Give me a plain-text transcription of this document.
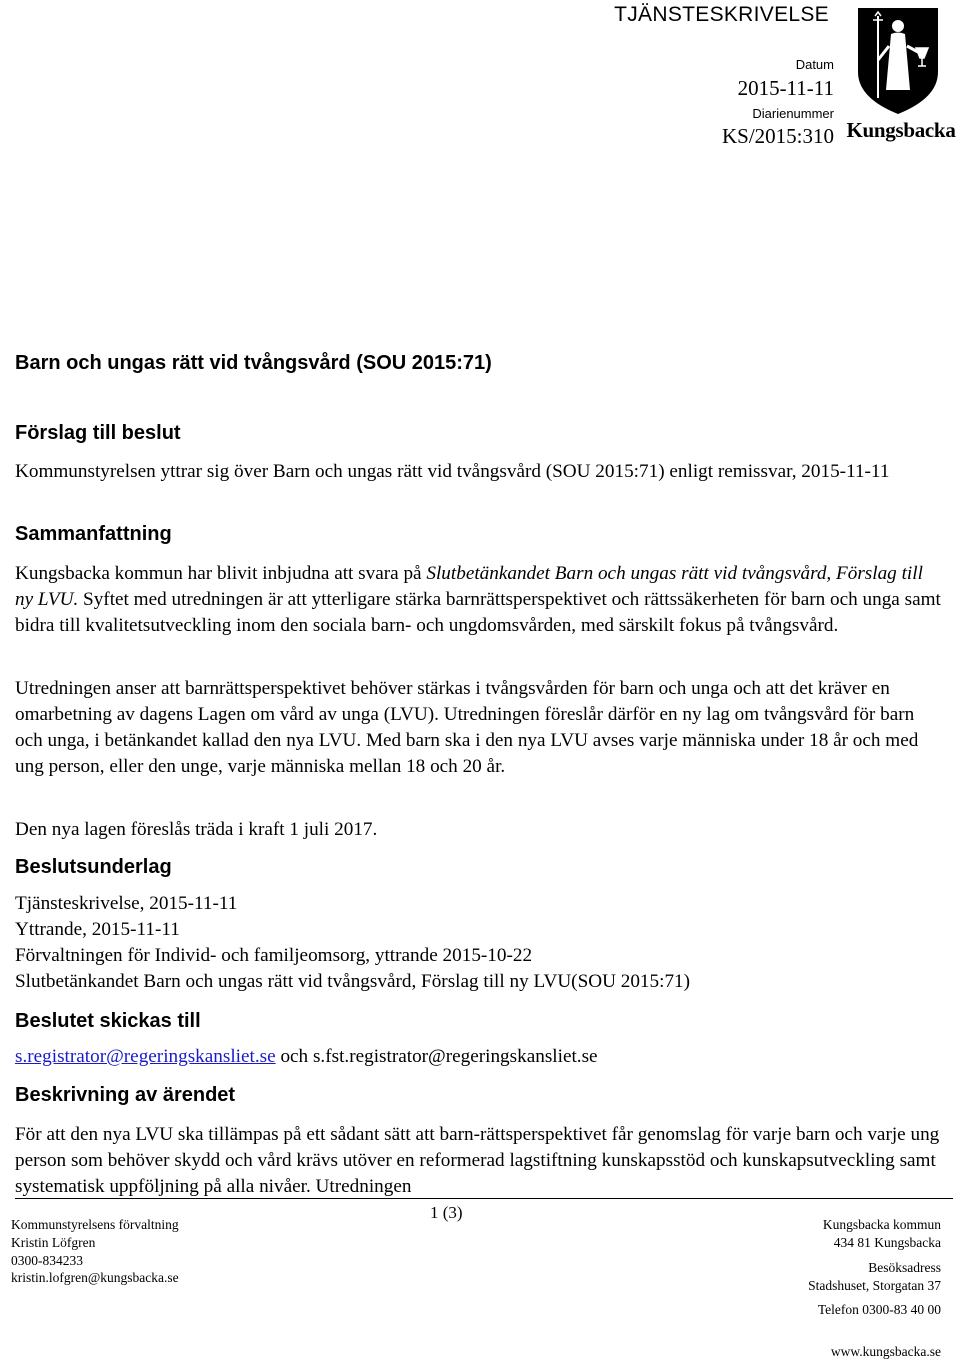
TJÄNSTESKRIVELSE
Datum
2015-11-11
Diarienummer
KS/2015:310 Kungsbacka
Barn och ungas rätt vid tvångsvård (SOU 2015:71)
Förslag till beslut
Kommunstyrelsen yttrar sig över Barn och ungas rätt vid tvångsvård (SOU 2015:71) enligt remissvar, 2015-11-11
Sammanfattning
Kungsbacka kommun har blivit inbjudna att svara på Slutbetänkandet Barn och ungas rätt vid tvångsvård, Förslag till ny LVU. Syftet med utredningen är att ytterligare stärka barnrättsperspektivet och rättssäkerheten för barn och unga samt bidra till kvalitetsutveckling inom den sociala barn- och ungdomsvården, med särskilt fokus på tvångsvård.
Utredningen anser att barnrättsperspektivet behöver stärkas i tvångsvården för barn och unga och att det kräver en omarbetning av dagens Lagen om vård av unga (LVU). Utredningen föreslår därför en ny lag om tvångsvård för barn och unga, i betänkandet kallad den nya LVU. Med barn ska i den nya LVU avses varje människa under 18 år och med ung person, eller den unge, varje människa mellan 18 och 20 år.
Den nya lagen föreslås träda i kraft 1 juli 2017.
Beslutsunderlag
Tjänsteskrivelse, 2015-11-11
Yttrande, 2015-11-11
Förvaltningen för Individ- och familjeomsorg, yttrande 2015-10-22
Slutbetänkandet Barn och ungas rätt vid tvångsvård, Förslag till ny LVU(SOU 2015:71)
Beslutet skickas till
s.registrator@regeringskansliet.se och s.fst.registrator@regeringskansliet.se
Beskrivning av ärendet
För att den nya LVU ska tillämpas på ett sådant sätt att barn-rättsperspektivet får genomslag för varje barn och varje ung person som behöver skydd och vård krävs utöver en reformerad lagstiftning kunskapsstöd och kunskapsutveckling samt systematisk uppföljning på alla nivåer. Utredningen
1 (3)
Kommunstyrelsens förvaltning
Kristin Löfgren
0300-834233
kristin.lofgren@kungsbacka.se
Kungsbacka kommun
434 81 Kungsbacka
Besöksadress
Stadshuset, Storgatan 37
Telefon 0300-83 40 00
www.kungsbacka.se
